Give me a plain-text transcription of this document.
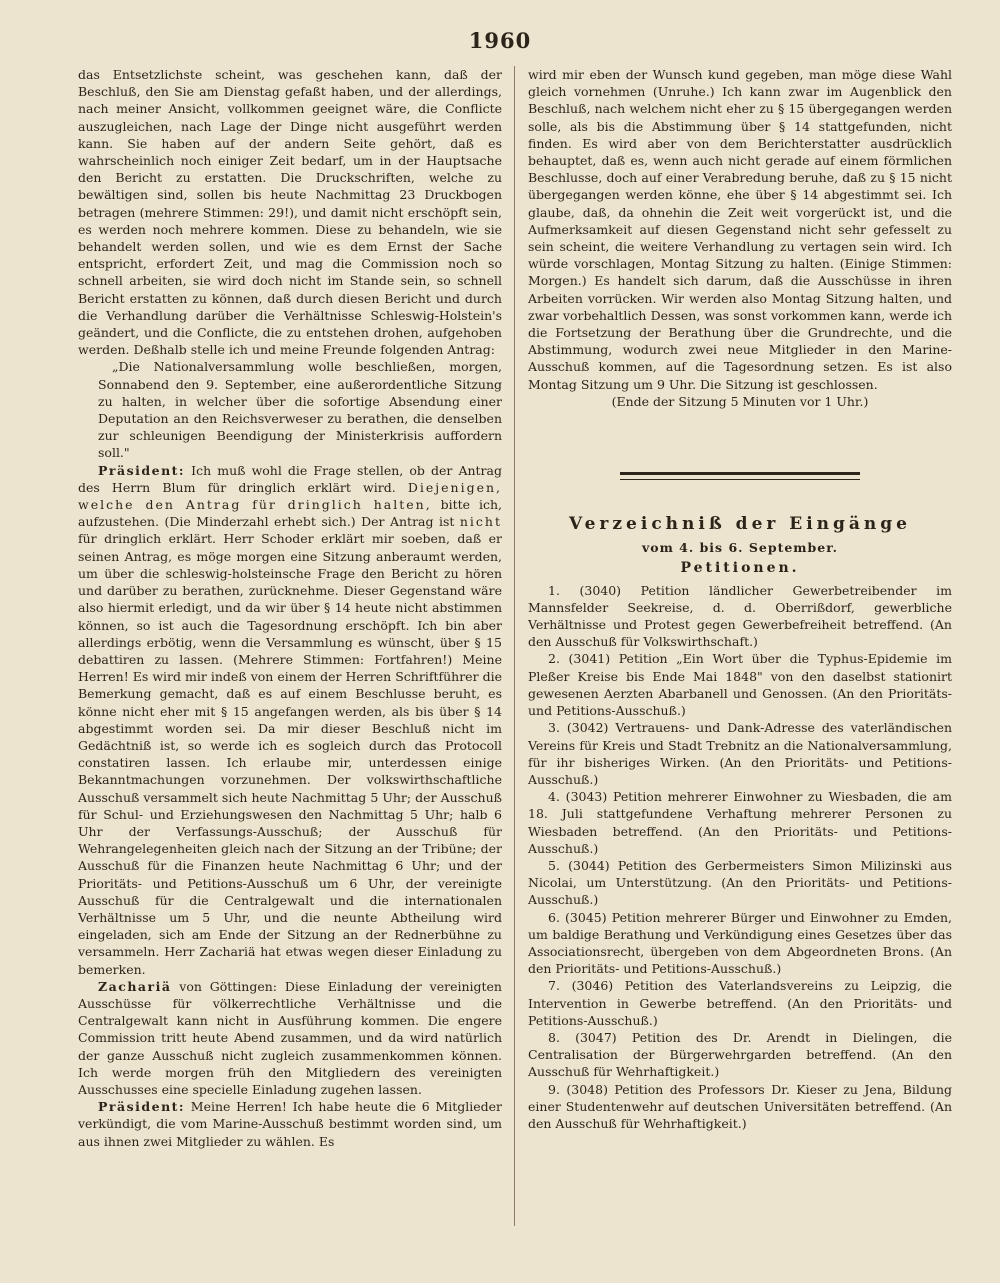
1960

das Entsetzlichste scheint, was geschehen kann, daß der Beschluß, den Sie am Dienstag gefaßt haben, und der allerdings, nach meiner Ansicht, vollkommen geeignet wäre, die Conflicte auszugleichen, nach Lage der Dinge nicht ausgeführt werden kann. Sie haben auf der andern Seite gehört, daß es wahrscheinlich noch einiger Zeit bedarf, um in der Hauptsache den Bericht zu erstatten. Die Druckschriften, welche zu bewältigen sind, sollen bis heute Nachmittag 23 Druckbogen betragen (mehrere Stimmen: 29!), und damit nicht erschöpft sein, es werden noch mehrere kommen. Diese zu behandeln, wie sie behandelt werden sollen, und wie es dem Ernst der Sache entspricht, erfordert Zeit, und mag die Commission noch so schnell arbeiten, sie wird doch nicht im Stande sein, so schnell Bericht erstatten zu können, daß durch diesen Bericht und durch die Verhandlung darüber die Verhältnisse Schleswig-Holstein's geändert, und die Conflicte, die zu entstehen drohen, aufgehoben werden. Deßhalb stelle ich und meine Freunde folgenden Antrag:

„Die Nationalversammlung wolle beschließen, morgen, Sonnabend den 9. September, eine außerordentliche Sitzung zu halten, in welcher über die sofortige Absendung einer Deputation an den Reichsverweser zu berathen, die denselben zur schleunigen Beendigung der Ministerkrisis auffordern soll."

Präsident: Ich muß wohl die Frage stellen, ob der Antrag des Herrn Blum für dringlich erklärt wird. Diejenigen, welche den Antrag für dringlich halten, bitte ich, aufzustehen. (Die Minderzahl erhebt sich.) Der Antrag ist nicht für dringlich erklärt. Herr Schoder erklärt mir soeben, daß er seinen Antrag, es möge morgen eine Sitzung anberaumt werden, um über die schleswig-holsteinsche Frage den Bericht zu hören und darüber zu berathen, zurücknehme. Dieser Gegenstand wäre also hiermit erledigt, und da wir über § 14 heute nicht abstimmen können, so ist auch die Tagesordnung erschöpft. Ich bin aber allerdings erbötig, wenn die Versammlung es wünscht, über § 15 debattiren zu lassen. (Mehrere Stimmen: Fortfahren!) Meine Herren! Es wird mir indeß von einem der Herren Schriftführer die Bemerkung gemacht, daß es auf einem Beschlusse beruht, es könne nicht eher mit § 15 angefangen werden, als bis über § 14 abgestimmt worden sei. Da mir dieser Beschluß nicht im Gedächtniß ist, so werde ich es sogleich durch das Protocoll constatiren lassen. Ich erlaube mir, unterdessen einige Bekanntmachungen vorzunehmen. Der volkswirthschaftliche Ausschuß versammelt sich heute Nachmittag 5 Uhr; der Ausschuß für Schul- und Erziehungswesen den Nachmittag 5 Uhr; halb 6 Uhr der Verfassungs-Ausschuß; der Ausschuß für Wehrangelegenheiten gleich nach der Sitzung an der Tribüne; der Ausschuß für die Finanzen heute Nachmittag 6 Uhr; und der Prioritäts- und Petitions-Ausschuß um 6 Uhr, der vereinigte Ausschuß für die Centralgewalt und die internationalen Verhältnisse um 5 Uhr, und die neunte Abtheilung wird eingeladen, sich am Ende der Sitzung an der Rednerbühne zu versammeln. Herr Zachariä hat etwas wegen dieser Einladung zu bemerken.

Zachariä von Göttingen: Diese Einladung der vereinigten Ausschüsse für völkerrechtliche Verhältnisse und die Centralgewalt kann nicht in Ausführung kommen. Die engere Commission tritt heute Abend zusammen, und da wird natürlich der ganze Ausschuß nicht zugleich zusammenkommen können. Ich werde morgen früh den Mitgliedern des vereinigten Ausschusses eine specielle Einladung zugehen lassen.

Präsident: Meine Herren! Ich habe heute die 6 Mitglieder verkündigt, die vom Marine-Ausschuß bestimmt worden sind, um aus ihnen zwei Mitglieder zu wählen. Es

wird mir eben der Wunsch kund gegeben, man möge diese Wahl gleich vornehmen (Unruhe.) Ich kann zwar im Augenblick den Beschluß, nach welchem nicht eher zu § 15 übergegangen werden solle, als bis die Abstimmung über § 14 stattgefunden, nicht finden. Es wird aber von dem Berichterstatter ausdrücklich behauptet, daß es, wenn auch nicht gerade auf einem förmlichen Beschlusse, doch auf einer Verabredung beruhe, daß zu § 15 nicht übergegangen werden könne, ehe über § 14 abgestimmt sei. Ich glaube, daß, da ohnehin die Zeit weit vorgerückt ist, und die Aufmerksamkeit auf diesen Gegenstand nicht sehr gefesselt zu sein scheint, die weitere Verhandlung zu vertagen sein wird. Ich würde vorschlagen, Montag Sitzung zu halten. (Einige Stimmen: Morgen.) Es handelt sich darum, daß die Ausschüsse in ihren Arbeiten vorrücken. Wir werden also Montag Sitzung halten, und zwar vorbehaltlich Dessen, was sonst vorkommen kann, werde ich die Fortsetzung der Berathung über die Grundrechte, und die Abstimmung, wodurch zwei neue Mitglieder in den Marine-Ausschuß kommen, auf die Tagesordnung setzen. Es ist also Montag Sitzung um 9 Uhr. Die Sitzung ist geschlossen.

(Ende der Sitzung 5 Minuten vor 1 Uhr.)

Verzeichniß der Eingänge
vom 4. bis 6. September.
Petitionen.

1. (3040) Petition ländlicher Gewerbetreibender im Mannsfelder Seekreise, d. d. Oberrißdorf, gewerbliche Verhältnisse und Protest gegen Gewerbefreiheit betreffend. (An den Ausschuß für Volkswirthschaft.)

2. (3041) Petition „Ein Wort über die Typhus-Epidemie im Pleßer Kreise bis Ende Mai 1848" von den daselbst stationirt gewesenen Aerzten Abarbanell und Genossen. (An den Prioritäts- und Petitions-Ausschuß.)

3. (3042) Vertrauens- und Dank-Adresse des vaterländischen Vereins für Kreis und Stadt Trebnitz an die Nationalversammlung, für ihr bisheriges Wirken. (An den Prioritäts- und Petitions-Ausschuß.)

4. (3043) Petition mehrerer Einwohner zu Wiesbaden, die am 18. Juli stattgefundene Verhaftung mehrerer Personen zu Wiesbaden betreffend. (An den Prioritäts- und Petitions-Ausschuß.)

5. (3044) Petition des Gerbermeisters Simon Milizinski aus Nicolai, um Unterstützung. (An den Prioritäts- und Petitions-Ausschuß.)

6. (3045) Petition mehrerer Bürger und Einwohner zu Emden, um baldige Berathung und Verkündigung eines Gesetzes über das Associationsrecht, übergeben von dem Abgeordneten Brons. (An den Prioritäts- und Petitions-Ausschuß.)

7. (3046) Petition des Vaterlandsvereins zu Leipzig, die Intervention in Gewerbe betreffend. (An den Prioritäts- und Petitions-Ausschuß.)

8. (3047) Petition des Dr. Arendt in Dielingen, die Centralisation der Bürgerwehrgarden betreffend. (An den Ausschuß für Wehrhaftigkeit.)

9. (3048) Petition des Professors Dr. Kieser zu Jena, Bildung einer Studentenwehr auf deutschen Universitäten betreffend. (An den Ausschuß für Wehrhaftigkeit.)
